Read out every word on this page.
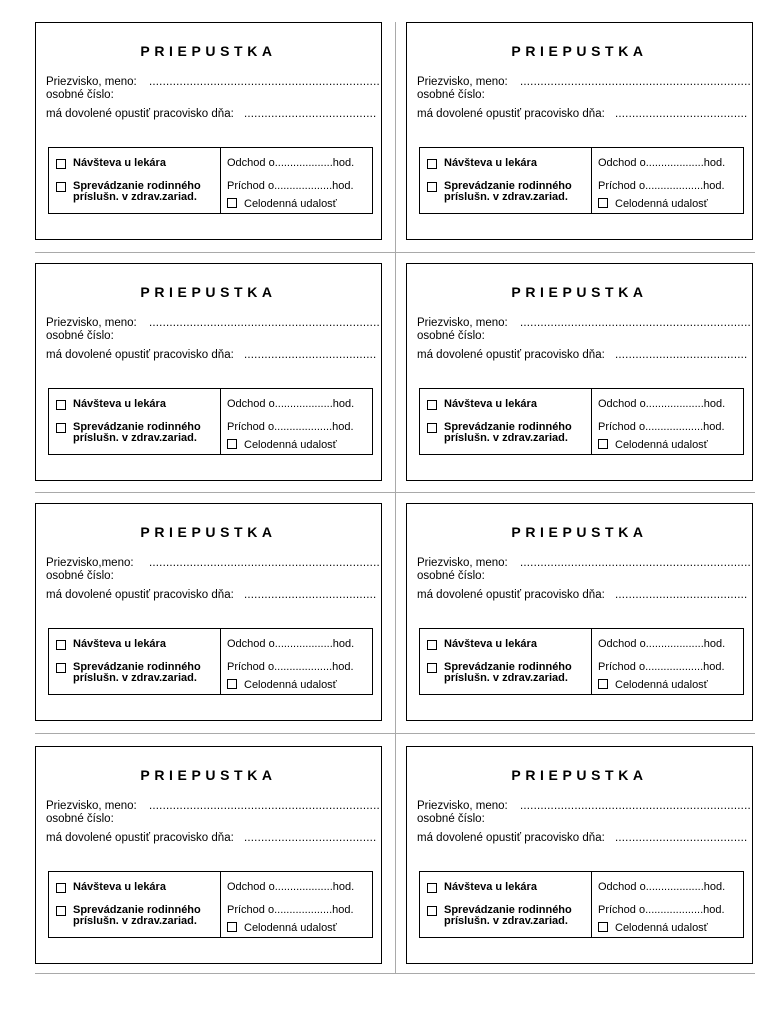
PRIEPUSTKA
Priezvisko, meno: ....................................................................
osobné číslo:
má dovolené opustiť pracovisko dňa: .......................................
Návšteva u lekára
Sprevádzanie rodinného
príslušn. v zdrav.zariad.
Odchod o...................hod.
Príchod o...................hod.
Celodenná udalosť
PRIEPUSTKA
Priezvisko, meno: ....................................................................
osobné číslo:
má dovolené opustiť pracovisko dňa: .......................................
Návšteva u lekára
Sprevádzanie rodinného
príslušn. v zdrav.zariad.
Odchod o...................hod.
Príchod o...................hod.
Celodenná udalosť
PRIEPUSTKA
Priezvisko, meno: ....................................................................
osobné číslo:
má dovolené opustiť pracovisko dňa: .......................................
Návšteva u lekára
Sprevádzanie rodinného
príslušn. v zdrav.zariad.
Odchod o...................hod.
Príchod o...................hod.
Celodenná udalosť
PRIEPUSTKA
Priezvisko, meno: ....................................................................
osobné číslo:
má dovolené opustiť pracovisko dňa: .......................................
Návšteva u lekára
Sprevádzanie rodinného
príslušn. v zdrav.zariad.
Odchod o...................hod.
Príchod o...................hod.
Celodenná udalosť
PRIEPUSTKA
Priezvisko,meno: ....................................................................
osobné číslo:
má dovolené opustiť pracovisko dňa: .......................................
Návšteva u lekára
Sprevádzanie rodinného
príslušn. v zdrav.zariad.
Odchod o...................hod.
Príchod o...................hod.
Celodenná udalosť
PRIEPUSTKA
Priezvisko, meno: ....................................................................
osobné číslo:
má dovolené opustiť pracovisko dňa: .......................................
Návšteva u lekára
Sprevádzanie rodinného
príslušn. v zdrav.zariad.
Odchod o...................hod.
Príchod o...................hod.
Celodenná udalosť
PRIEPUSTKA
Priezvisko, meno: ....................................................................
osobné číslo:
má dovolené opustiť pracovisko dňa: .......................................
Návšteva u lekára
Sprevádzanie rodinného
príslušn. v zdrav.zariad.
Odchod o...................hod.
Príchod o...................hod.
Celodenná udalosť
PRIEPUSTKA
Priezvisko, meno: ....................................................................
osobné číslo:
má dovolené opustiť pracovisko dňa: .......................................
Návšteva u lekára
Sprevádzanie rodinného
príslušn. v zdrav.zariad.
Odchod o...................hod.
Príchod o...................hod.
Celodenná udalosť
